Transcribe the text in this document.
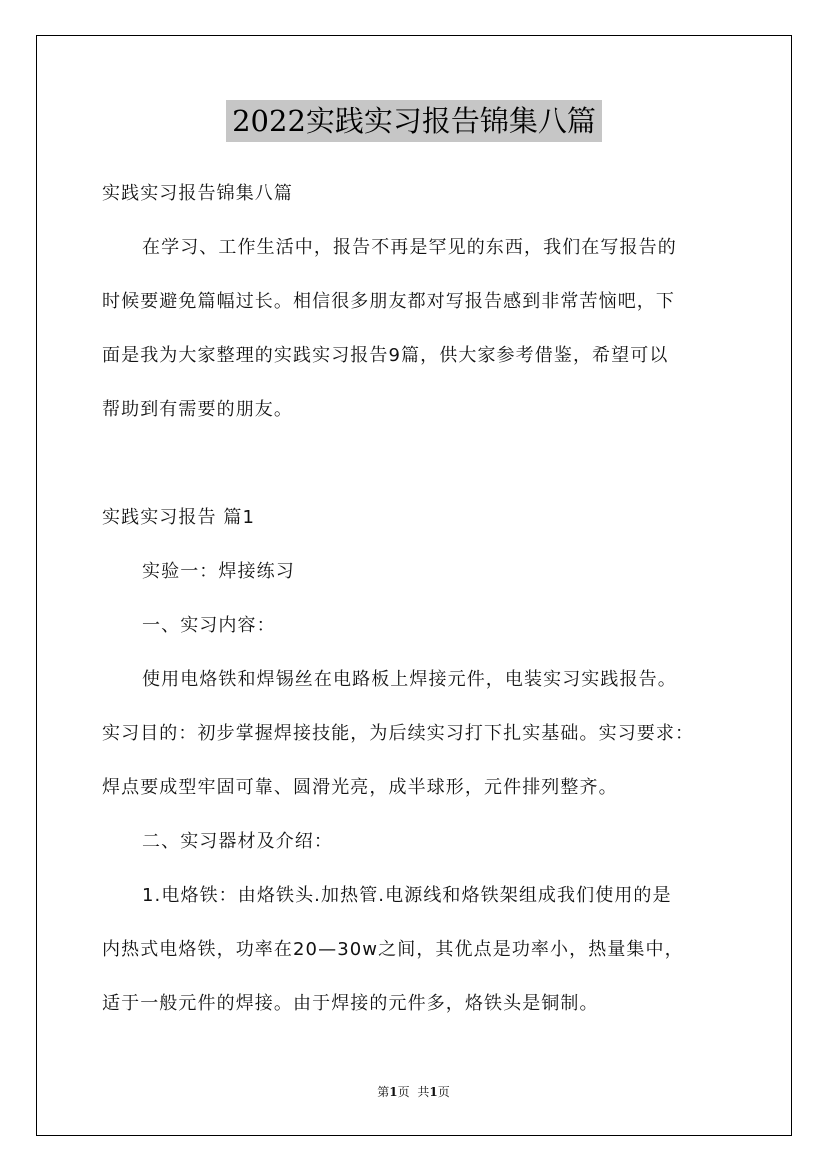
2022实践实习报告锦集八篇
实践实习报告锦集八篇
在学习、工作生活中，报告不再是罕见的东西，我们在写报告的
时候要避免篇幅过长。相信很多朋友都对写报告感到非常苦恼吧，下
面是我为大家整理的实践实习报告9篇，供大家参考借鉴，希望可以
帮助到有需要的朋友。
实践实习报告 篇1
实验一：焊接练习
一、实习内容：
使用电烙铁和焊锡丝在电路板上焊接元件，电装实习实践报告。
实习目的：初步掌握焊接技能，为后续实习打下扎实基础。实习要求：
焊点要成型牢固可靠、圆滑光亮，成半球形，元件排列整齐。
二、实习器材及介绍：
1.电烙铁：由烙铁头.加热管.电源线和烙铁架组成我们使用的是
内热式电烙铁，功率在20—30w之间，其优点是功率小，热量集中，
适于一般元件的焊接。由于焊接的元件多，烙铁头是铜制。
第1页 共1页
